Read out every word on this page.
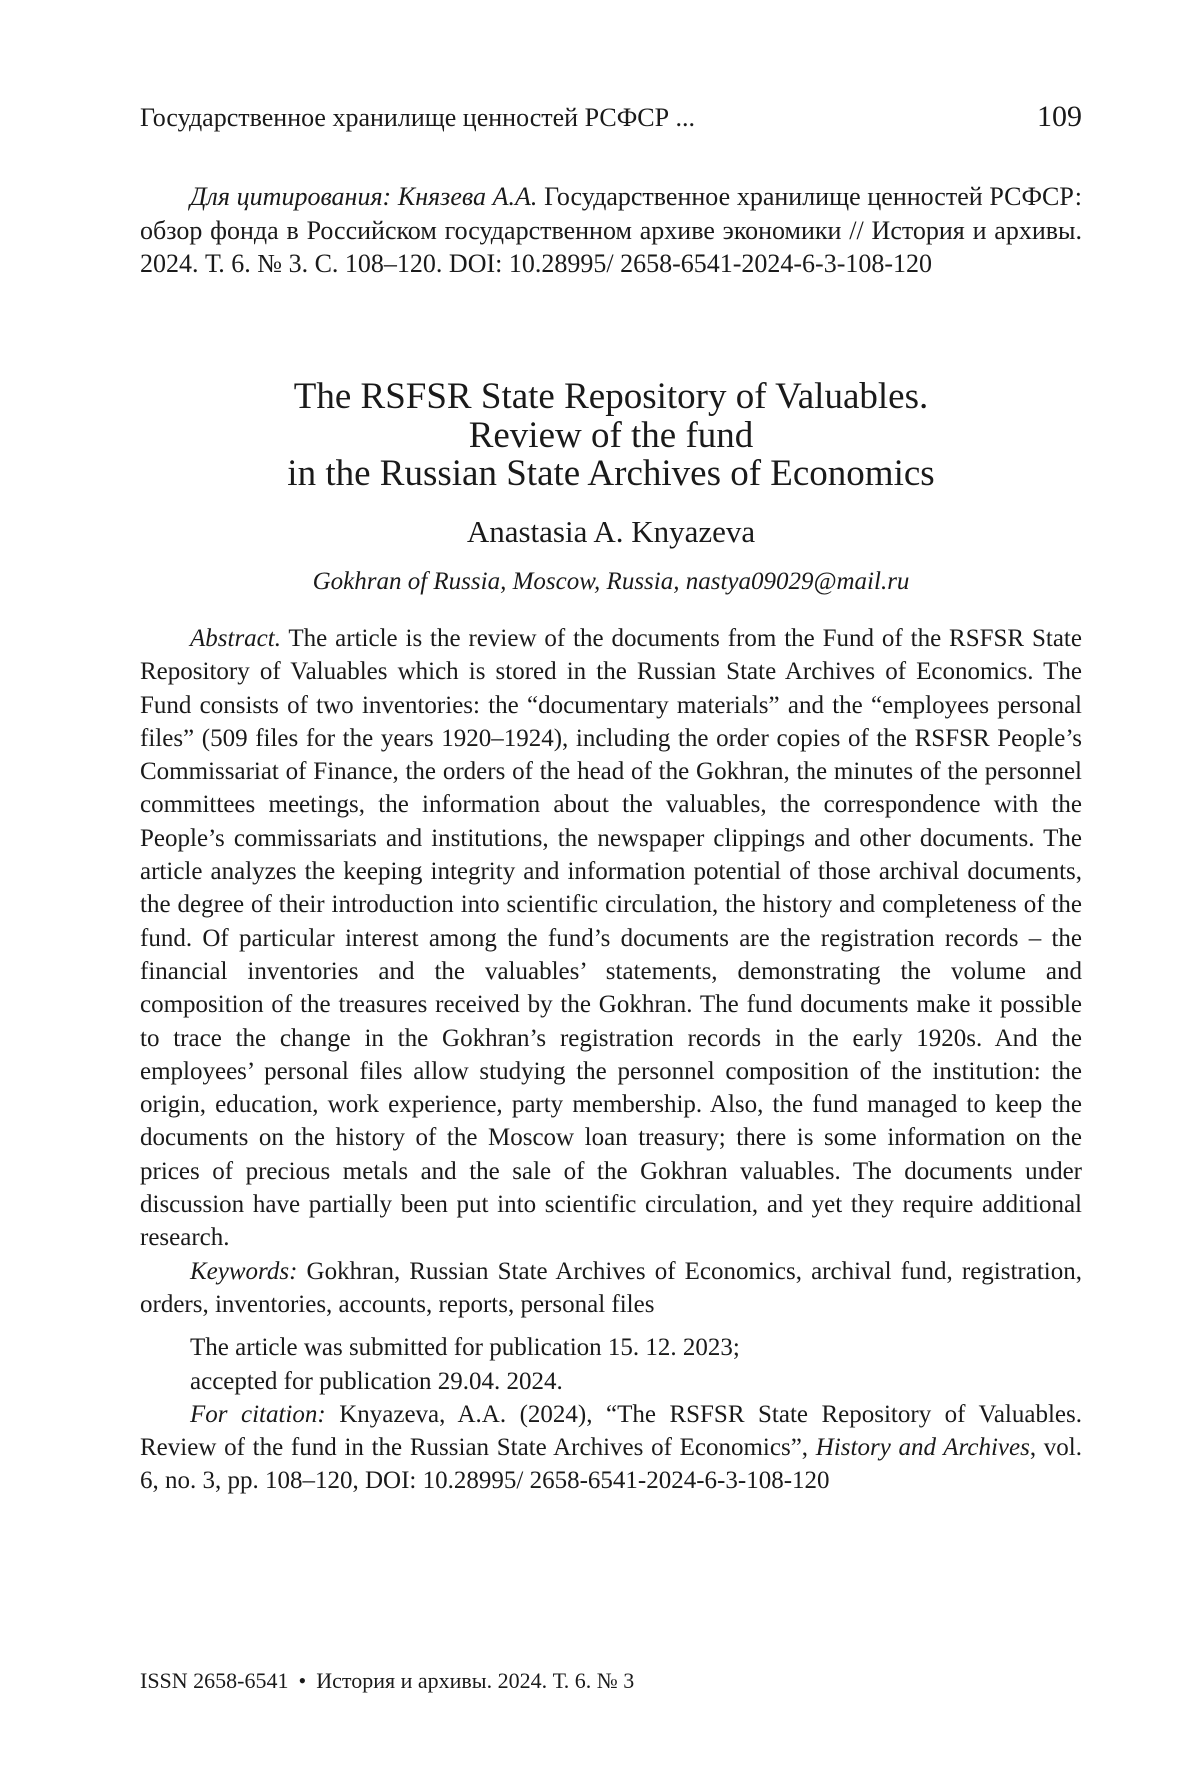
Государственное хранилище ценностей РСФСР ...	109

Для цитирования: Князева А.А. Государственное хранилище ценностей РСФСР: обзор фонда в Российском государственном архиве экономики // История и архивы. 2024. Т. 6. № 3. С. 108–120. DOI: 10.28995/ 2658-6541-2024-6-3-108-120

The RSFSR State Repository of Valuables.
Review of the fund
in the Russian State Archives of Economics
Anastasia A. Knyazeva
Gokhran of Russia, Moscow, Russia, nastya09029@mail.ru

Abstract. The article is the review of the documents from the Fund of the RSFSR State Repository of Valuables which is stored in the Russian State Archives of Economics. The Fund consists of two inventories: the “documentary materials” and the “employees personal files” (509 files for the years 1920–1924), including the order copies of the RSFSR People’s Commissariat of Finance, the orders of the head of the Gokhran, the minutes of the personnel committees meetings, the information about the valuables, the correspondence with the People’s commissariats and institutions, the newspaper clippings and other documents. The article analyzes the keeping integrity and information potential of those archival documents, the degree of their introduction into scientific circulation, the history and completeness of the fund. Of particular interest among the fund’s documents are the registration records – the financial inventories and the valuables’ statements, demonstrating the volume and composition of the treasures received by the Gokhran. The fund documents make it possible to trace the change in the Gokhran’s registration records in the early 1920s. And the employees’ personal files allow studying the personnel composition of the institution: the origin, education, work experience, party membership. Also, the fund managed to keep the documents on the history of the Moscow loan treasury; there is some information on the prices of precious metals and the sale of the Gokhran valuables. The documents under discussion have partially been put into scientific circulation, and yet they require additional research.

Keywords: Gokhran, Russian State Archives of Economics, archival fund, registration, orders, inventories, accounts, reports, personal files

The article was submitted for publication 15. 12. 2023;

accepted for publication 29.04. 2024.

For citation: Knyazeva, A.A. (2024), “The RSFSR State Repository of Valuables. Review of the fund in the Russian State Archives of Economics”, History and Archives, vol. 6, no. 3, pp. 108–120, DOI: 10.28995/ 2658-6541-2024-6-3-108-120

ISSN 2658-6541 • История и архивы. 2024. Т. 6. № 3
